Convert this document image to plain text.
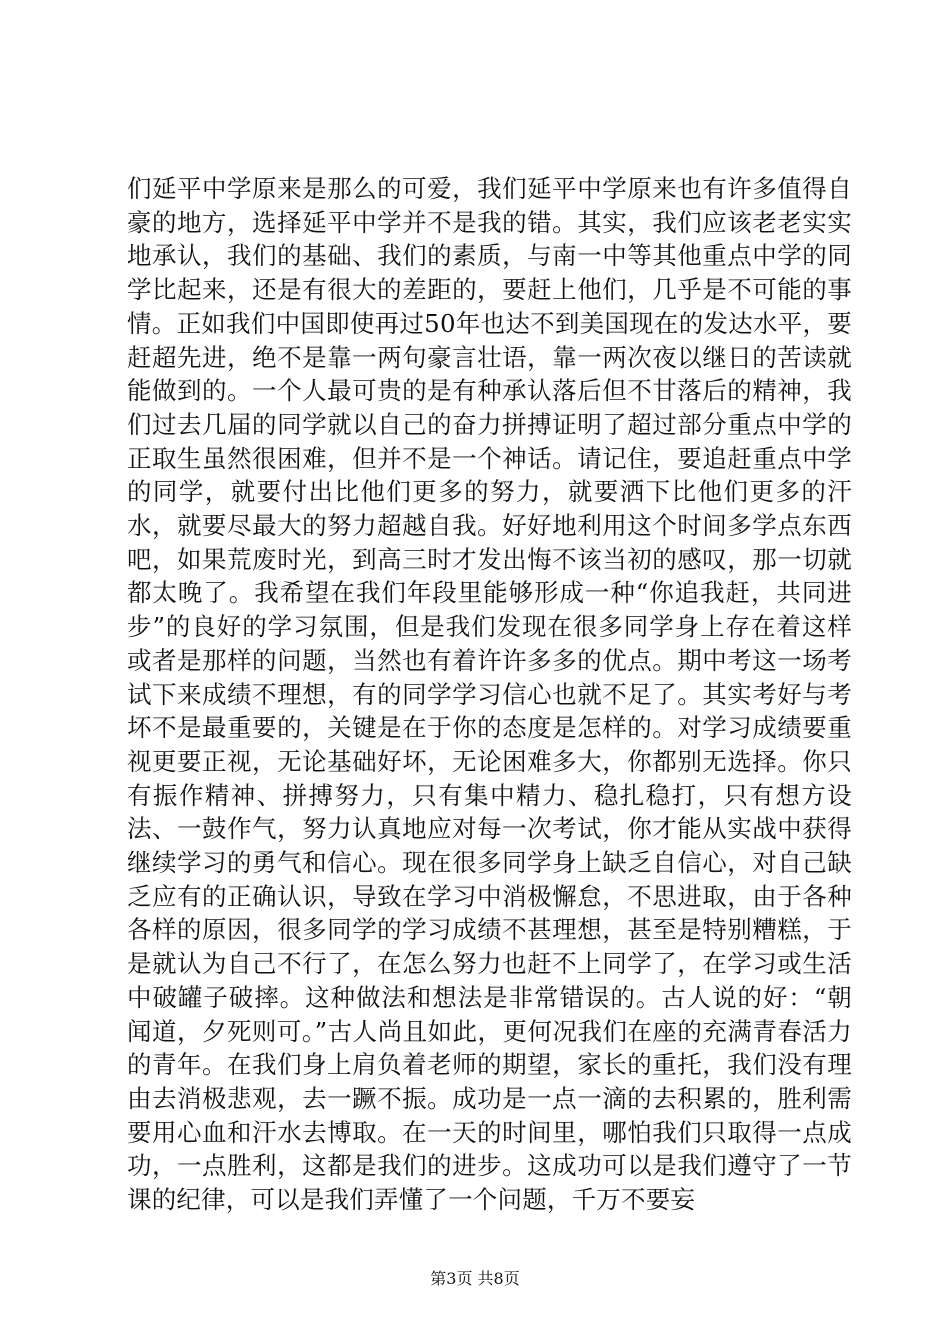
们延平中学原来是那么的可爱，我们延平中学原来也有许多值得自豪的地方，选择延平中学并不是我的错。其实，我们应该老老实实地承认，我们的基础、我们的素质，与南一中等其他重点中学的同学比起来，还是有很大的差距的，要赶上他们，几乎是不可能的事情。正如我们中国即使再过50年也达不到美国现在的发达水平，要赶超先进，绝不是靠一两句豪言壮语，靠一两次夜以继日的苦读就能做到的。一个人最可贵的是有种承认落后但不甘落后的精神，我们过去几届的同学就以自己的奋力拼搏证明了超过部分重点中学的正取生虽然很困难，但并不是一个神话。请记住，要追赶重点中学的同学，就要付出比他们更多的努力，就要洒下比他们更多的汗水，就要尽最大的努力超越自我。好好地利用这个时间多学点东西吧，如果荒废时光，到高三时才发出悔不该当初的感叹，那一切就都太晚了。我希望在我们年段里能够形成一种“你追我赶，共同进步”的良好的学习氛围，但是我们发现在很多同学身上存在着这样或者是那样的问题，当然也有着许许多多的优点。期中考这一场考试下来成绩不理想，有的同学学习信心也就不足了。其实考好与考坏不是最重要的，关键是在于你的态度是怎样的。对学习成绩要重视更要正视，无论基础好坏，无论困难多大，你都别无选择。你只有振作精神、拼搏努力，只有集中精力、稳扎稳打，只有想方设法、一鼓作气，努力认真地应对每一次考试，你才能从实战中获得继续学习的勇气和信心。现在很多同学身上缺乏自信心，对自己缺乏应有的正确认识，导致在学习中消极懈怠，不思进取，由于各种各样的原因，很多同学的学习成绩不甚理想，甚至是特别糟糕，于是就认为自己不行了，在怎么努力也赶不上同学了，在学习或生活中破罐子破摔。这种做法和想法是非常错误的。古人说的好：“朝闻道，夕死则可。”古人尚且如此，更何况我们在座的充满青春活力的青年。在我们身上肩负着老师的期望，家长的重托，我们没有理由去消极悲观，去一蹶不振。成功是一点一滴的去积累的，胜利需要用心血和汗水去博取。在一天的时间里，哪怕我们只取得一点成功，一点胜利，这都是我们的进步。这成功可以是我们遵守了一节课的纪律，可以是我们弄懂了一个问题，千万不要妄

第3页 共8页
